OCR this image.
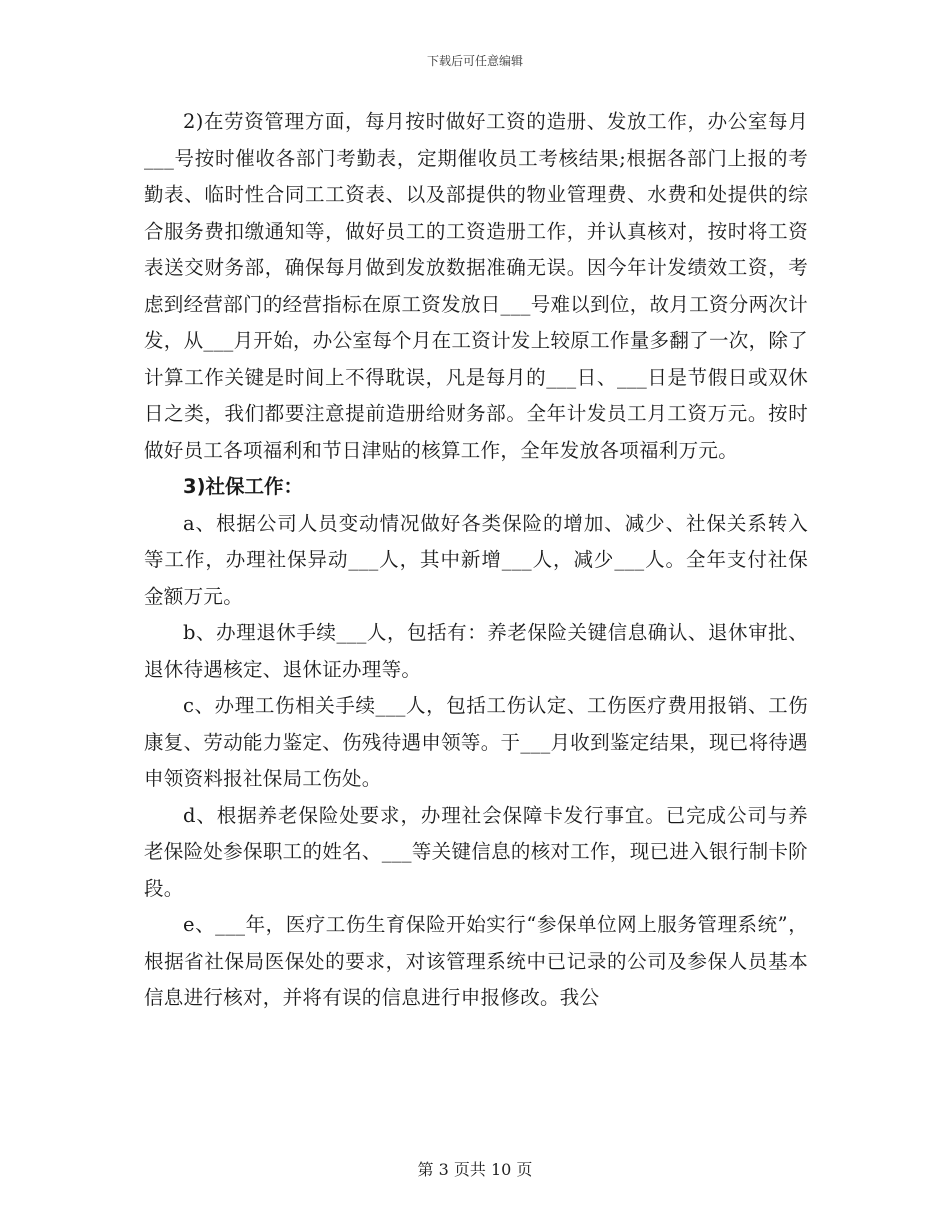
下载后可任意编辑

2)在劳资管理方面，每月按时做好工资的造册、发放工作，办公室每月___号按时催收各部门考勤表，定期催收员工考核结果;根据各部门上报的考勤表、临时性合同工工资表、以及部提供的物业管理费、水费和处提供的综合服务费扣缴通知等，做好员工的工资造册工作，并认真核对，按时将工资表送交财务部，确保每月做到发放数据准确无误。因今年计发绩效工资，考虑到经营部门的经营指标在原工资发放日___号难以到位，故月工资分两次计发，从___月开始，办公室每个月在工资计发上较原工作量多翻了一次，除了计算工作关键是时间上不得耽误，凡是每月的___日、___日是节假日或双休日之类，我们都要注意提前造册给财务部。全年计发员工月工资万元。按时做好员工各项福利和节日津贴的核算工作，全年发放各项福利万元。

3)社保工作：

a、根据公司人员变动情况做好各类保险的增加、减少、社保关系转入等工作，办理社保异动___人，其中新增___人，减少___人。全年支付社保金额万元。

b、办理退休手续___人，包括有：养老保险关键信息确认、退休审批、退休待遇核定、退休证办理等。

c、办理工伤相关手续___人，包括工伤认定、工伤医疗费用报销、工伤康复、劳动能力鉴定、伤残待遇申领等。于___月收到鉴定结果，现已将待遇申领资料报社保局工伤处。

d、根据养老保险处要求，办理社会保障卡发行事宜。已完成公司与养老保险处参保职工的姓名、___等关键信息的核对工作，现已进入银行制卡阶段。

e、___年，医疗工伤生育保险开始实行“参保单位网上服务管理系统”，根据省社保局医保处的要求，对该管理系统中已记录的公司及参保人员基本信息进行核对，并将有误的信息进行申报修改。我公

第 3 页共 10 页
